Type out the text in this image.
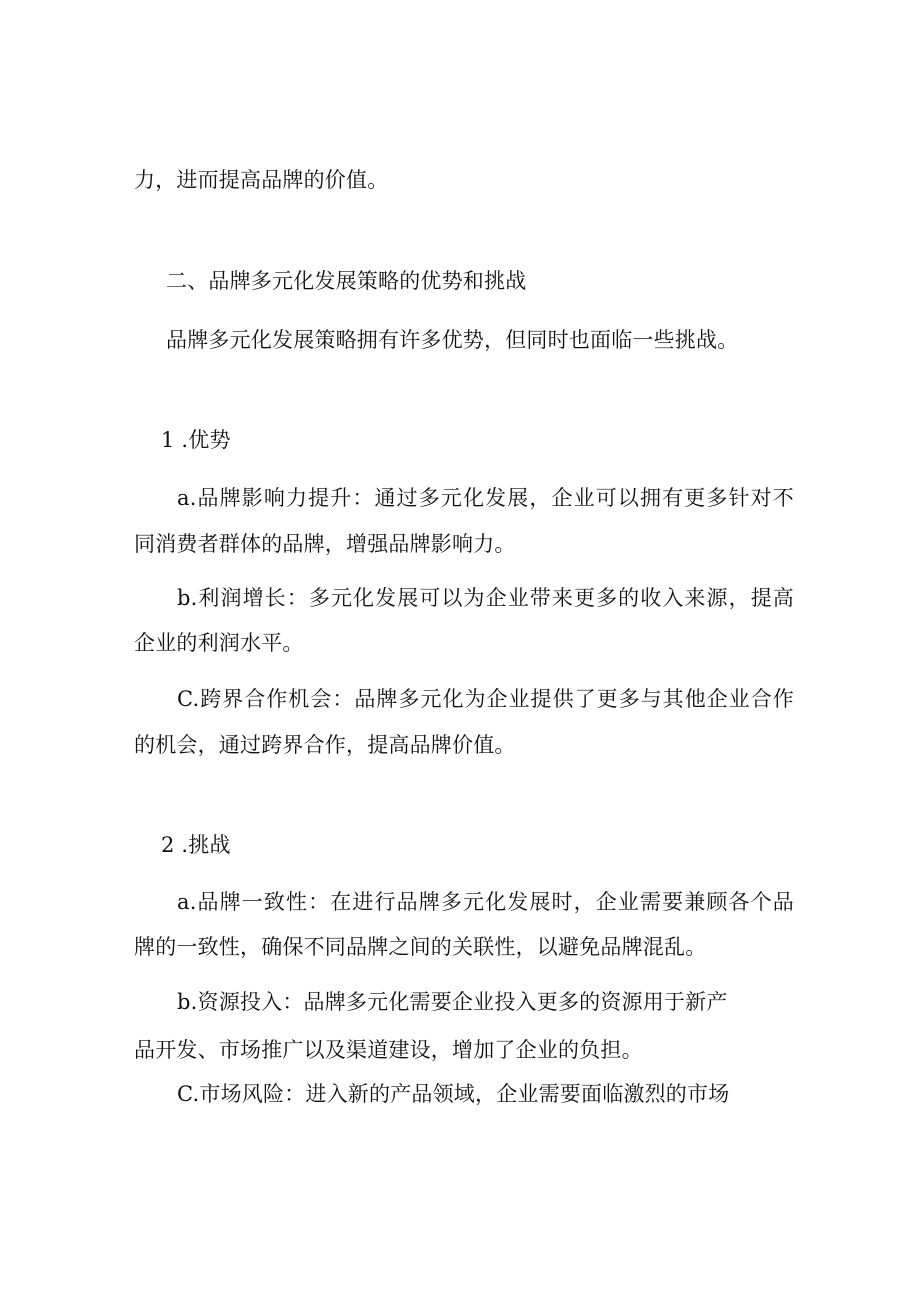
力，进而提高品牌的价值。
二、品牌多元化发展策略的优势和挑战
品牌多元化发展策略拥有许多优势，但同时也面临一些挑战。
1 .优势
a.品牌影响力提升：通过多元化发展，企业可以拥有更多针对不
同消费者群体的品牌，增强品牌影响力。
b.利润增长：多元化发展可以为企业带来更多的收入来源，提高
企业的利润水平。
C.跨界合作机会：品牌多元化为企业提供了更多与其他企业合作
的机会，通过跨界合作，提高品牌价值。
2 .挑战
a.品牌一致性：在进行品牌多元化发展时，企业需要兼顾各个品
牌的一致性，确保不同品牌之间的关联性，以避免品牌混乱。
b.资源投入：品牌多元化需要企业投入更多的资源用于新产
品开发、市场推广以及渠道建设，增加了企业的负担。
C.市场风险：进入新的产品领域，企业需要面临激烈的市场
